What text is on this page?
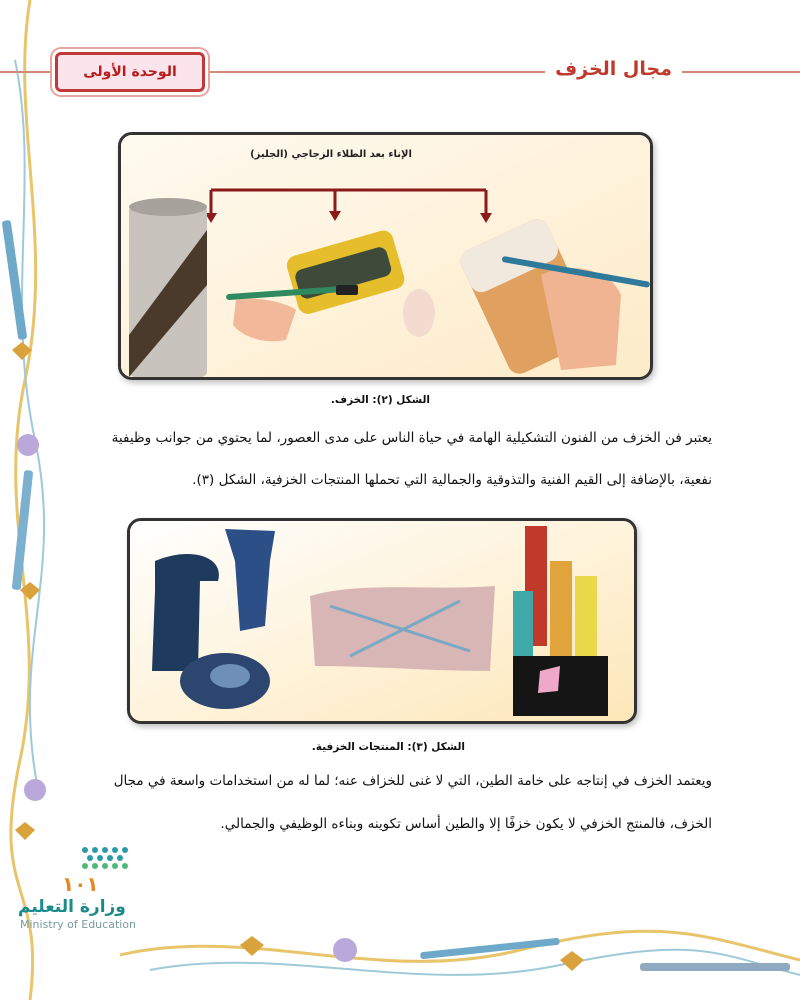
الوحدة الأولى	مجال الخزف
الإناء بعد الطلاء الزجاجي (الجليز)
الشكل (٢): الخزف.
يعتبر فن الخزف من الفنون التشكيلية الهامة في حياة الناس على مدى العصور، لما يحتوي من جوانب وظيفية
نفعية، بالإضافة إلى القيم الفنية والتذوقية والجمالية التي تحملها المنتجات الخزفية، الشكل (٣).
الشكل (٣): المنتجات الخزفية.
ويعتمد الخزف في إنتاجه على خامة الطين، التي لا غنى للخزاف عنه؛ لما له من استخدامات واسعة في مجال
الخزف، فالمنتج الخزفي لا يكون خزفًا إلا والطين أساس تكوينه وبناءه الوظيفي والجمالي.
١٠١
وزارة التعليم
Ministry of Education
